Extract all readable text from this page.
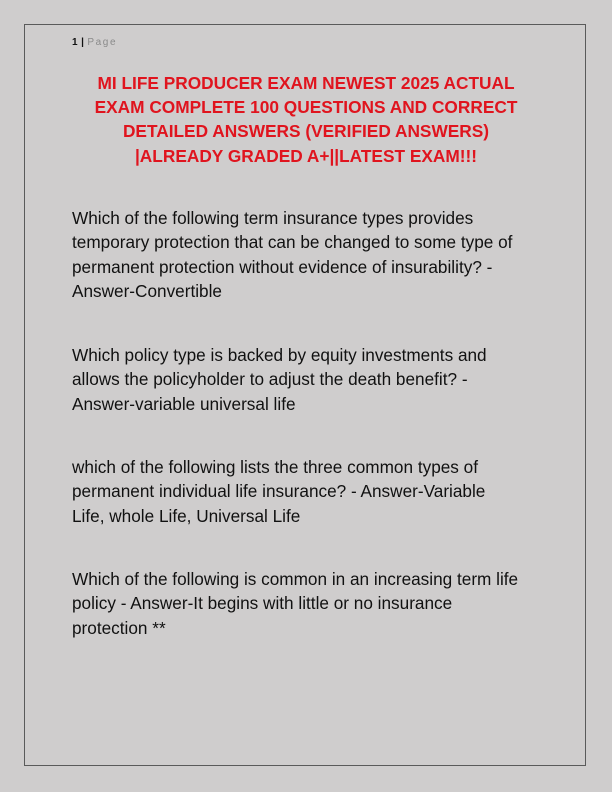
1 | Page
MI LIFE PRODUCER EXAM NEWEST 2025 ACTUAL
EXAM COMPLETE 100 QUESTIONS AND CORRECT
DETAILED ANSWERS (VERIFIED ANSWERS)
|ALREADY GRADED A+||LATEST EXAM!!!
Which of the following term insurance types provides
temporary protection that can be changed to some type of
permanent protection without evidence of insurability? -
Answer-Convertible
Which policy type is backed by equity investments and
allows the policyholder to adjust the death benefit? -
Answer-variable universal life
which of the following lists the three common types of
permanent individual life insurance? - Answer-Variable
Life, whole Life, Universal Life
Which of the following is common in an increasing term life
policy - Answer-It begins with little or no insurance
protection **
